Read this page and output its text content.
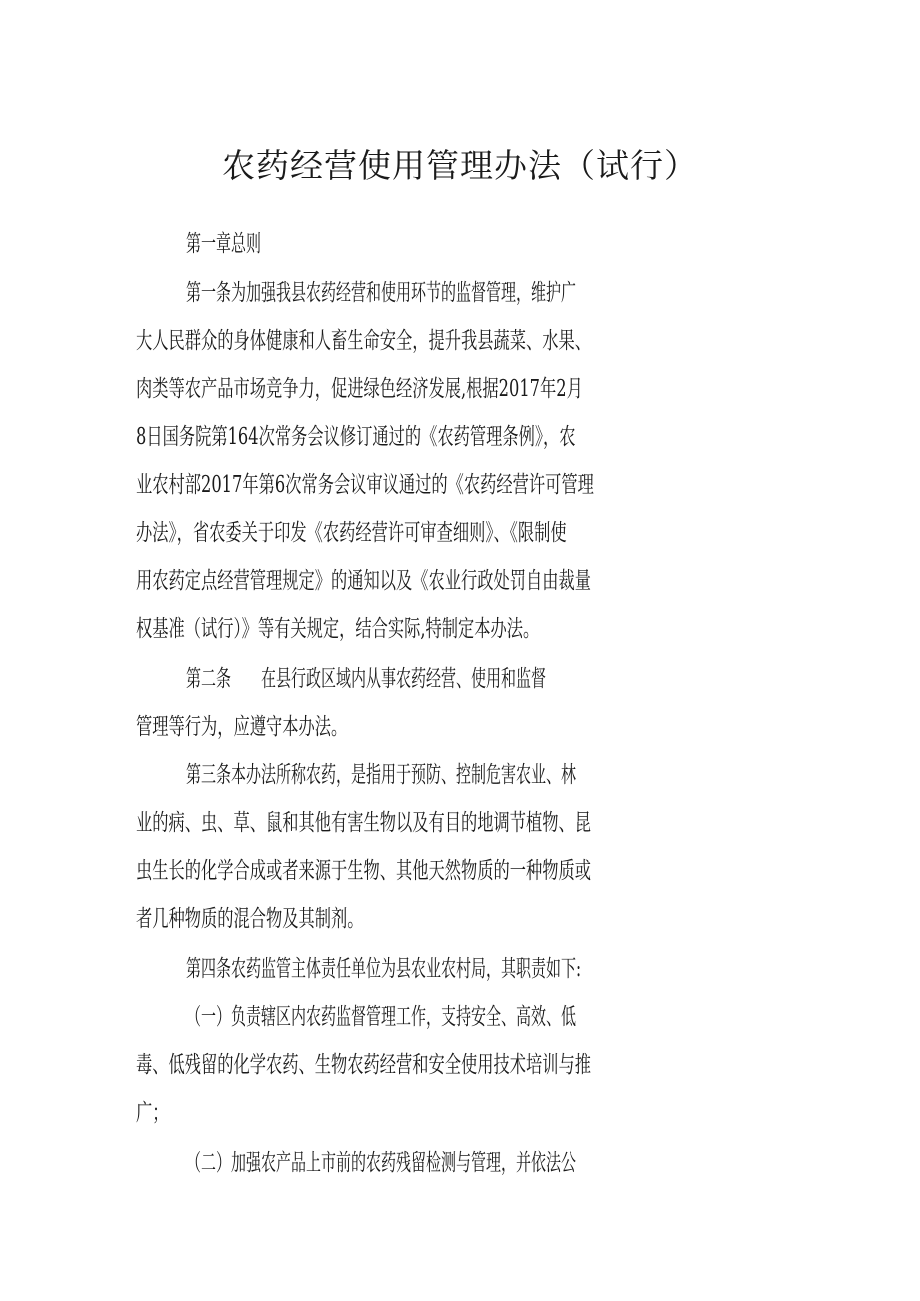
农药经营使用管理办法（试行）
第一章总则
第一条为加强我县农药经营和使用环节的监督管理，维护广
大人民群众的身体健康和人畜生命安全，提升我县蔬菜、水果、
肉类等农产品市场竞争力，促进绿色经济发展,根据2017年2月
8日国务院第164次常务会议修订通过的《农药管理条例》，农
业农村部2017年第6次常务会议审议通过的《农药经营许可管理
办法》，省农委关于印发《农药经营许可审查细则》、《限制使
用农药定点经营管理规定》的通知以及《农业行政处罚自由裁量
权基准（试行）》等有关规定，结合实际,特制定本办法。
第二条　　在县行政区域内从事农药经营、使用和监督
管理等行为，应遵守本办法。
第三条本办法所称农药，是指用于预防、控制危害农业、林
业的病、虫、草、鼠和其他有害生物以及有目的地调节植物、昆
虫生长的化学合成或者来源于生物、其他天然物质的一种物质或
者几种物质的混合物及其制剂。
第四条农药监管主体责任单位为县农业农村局，其职责如下:
（一）负责辖区内农药监督管理工作，支持安全、高效、低
毒、低残留的化学农药、生物农药经营和安全使用技术培训与推
广；
（二）加强农产品上市前的农药残留检测与管理，并依法公
